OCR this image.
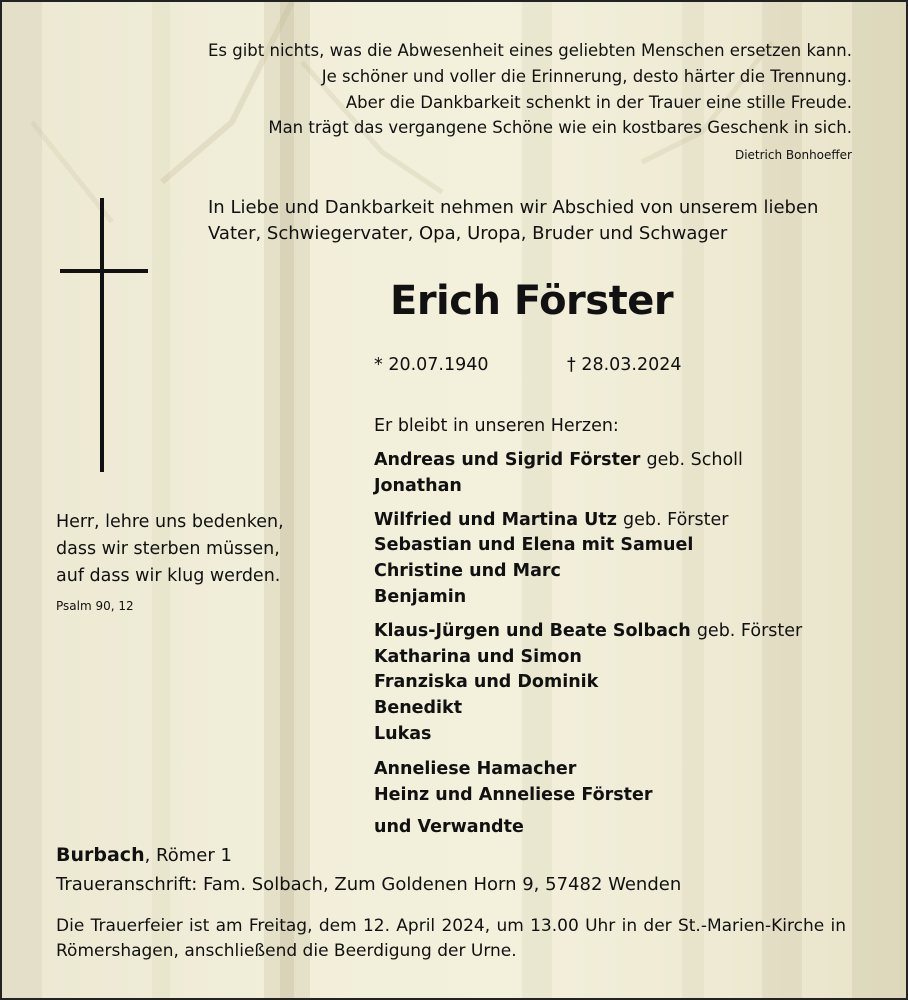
Es gibt nichts, was die Abwesenheit eines geliebten Menschen ersetzen kann.
Je schöner und voller die Erinnerung, desto härter die Trennung.
Aber die Dankbarkeit schenkt in der Trauer eine stille Freude.
Man trägt das vergangene Schöne wie ein kostbares Geschenk in sich.
Dietrich Bonhoeffer
In Liebe und Dankbarkeit nehmen wir Abschied von unserem lieben
Vater, Schwiegervater, Opa, Uropa, Bruder und Schwager
Erich Förster
* 20.07.1940	† 28.03.2024
Herr, lehre uns bedenken,
dass wir sterben müssen,
auf dass wir klug werden.
Psalm 90, 12
Er bleibt in unseren Herzen:
Andreas und Sigrid Förster geb. Scholl
Jonathan
Wilfried und Martina Utz geb. Förster
Sebastian und Elena mit Samuel
Christine und Marc
Benjamin
Klaus-Jürgen und Beate Solbach geb. Förster
Katharina und Simon
Franziska und Dominik
Benedikt
Lukas
Anneliese Hamacher
Heinz und Anneliese Förster
und Verwandte
Burbach, Römer 1
Traueranschrift: Fam. Solbach, Zum Goldenen Horn 9, 57482 Wenden
Die Trauerfeier ist am Freitag, dem 12. April 2024, um 13.00 Uhr in der St.-Marien-Kirche in Römershagen, anschließend die Beerdigung der Urne.
